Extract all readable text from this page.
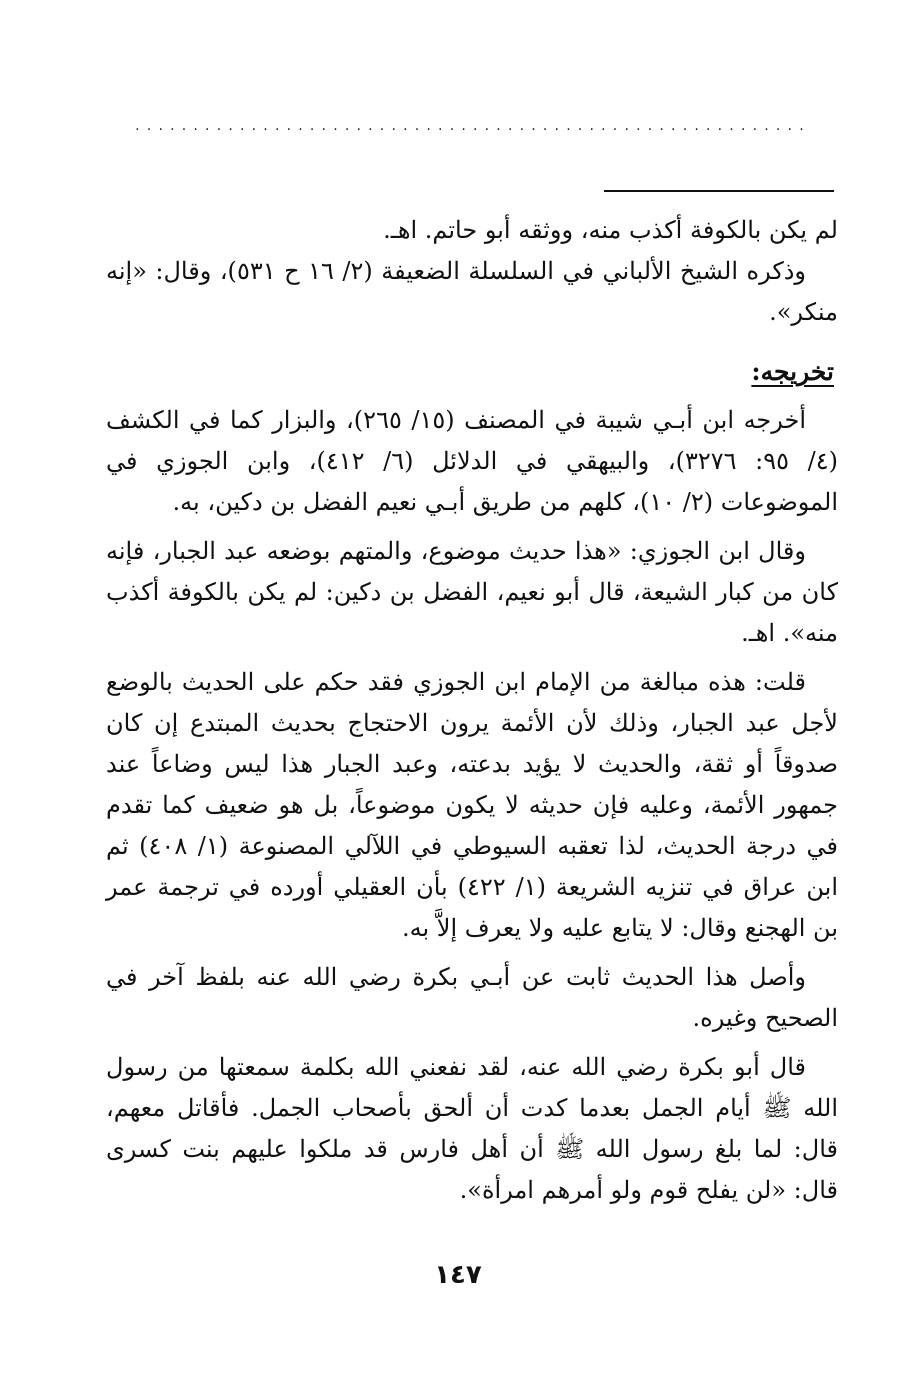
··························································

لم يكن بالكوفة أكذب منه، ووثقه أبو حاتم. اهـ.

وذكره الشيخ الألباني في السلسلة الضعيفة (٢/ ١٦ ح ٥٣١)، وقال: «إنه منكر».

تخريجه:

أخرجه ابن أبـي شيبة في المصنف (١٥/ ٢٦٥)، والبزار كما في الكشف (٤/ ٩٥: ٣٢٧٦)، والبيهقي في الدلائل (٦/ ٤١٢)، وابن الجوزي في الموضوعات (٢/ ١٠)، كلهم من طريق أبـي نعيم الفضل بن دكين، به.

وقال ابن الجوزي: «هذا حديث موضوع، والمتهم بوضعه عبد الجبار، فإنه كان من كبار الشيعة، قال أبو نعيم، الفضل بن دكين: لم يكن بالكوفة أكذب منه». اهـ.

قلت: هذه مبالغة من الإمام ابن الجوزي فقد حكم على الحديث بالوضع لأجل عبد الجبار، وذلك لأن الأئمة يرون الاحتجاج بحديث المبتدع إن كان صدوقاً أو ثقة، والحديث لا يؤيد بدعته، وعبد الجبار هذا ليس وضاعاً عند جمهور الأئمة، وعليه فإن حديثه لا يكون موضوعاً، بل هو ضعيف كما تقدم في درجة الحديث، لذا تعقبه السيوطي في اللآلي المصنوعة (١/ ٤٠٨) ثم ابن عراق في تنزيه الشريعة (١/ ٤٢٢) بأن العقيلي أورده في ترجمة عمر بن الهجنع وقال: لا يتابع عليه ولا يعرف إلاَّ به.

وأصل هذا الحديث ثابت عن أبـي بكرة رضي الله عنه بلفظ آخر في الصحيح وغيره.

قال أبو بكرة رضي الله عنه، لقد نفعني الله بكلمة سمعتها من رسول الله ﷺ أيام الجمل بعدما كدت أن ألحق بأصحاب الجمل. فأقاتل معهم، قال: لما بلغ رسول الله ﷺ أن أهل فارس قد ملكوا عليهم بنت كسرى قال: «لن يفلح قوم ولو أمرهم امرأة».

١٤٧
